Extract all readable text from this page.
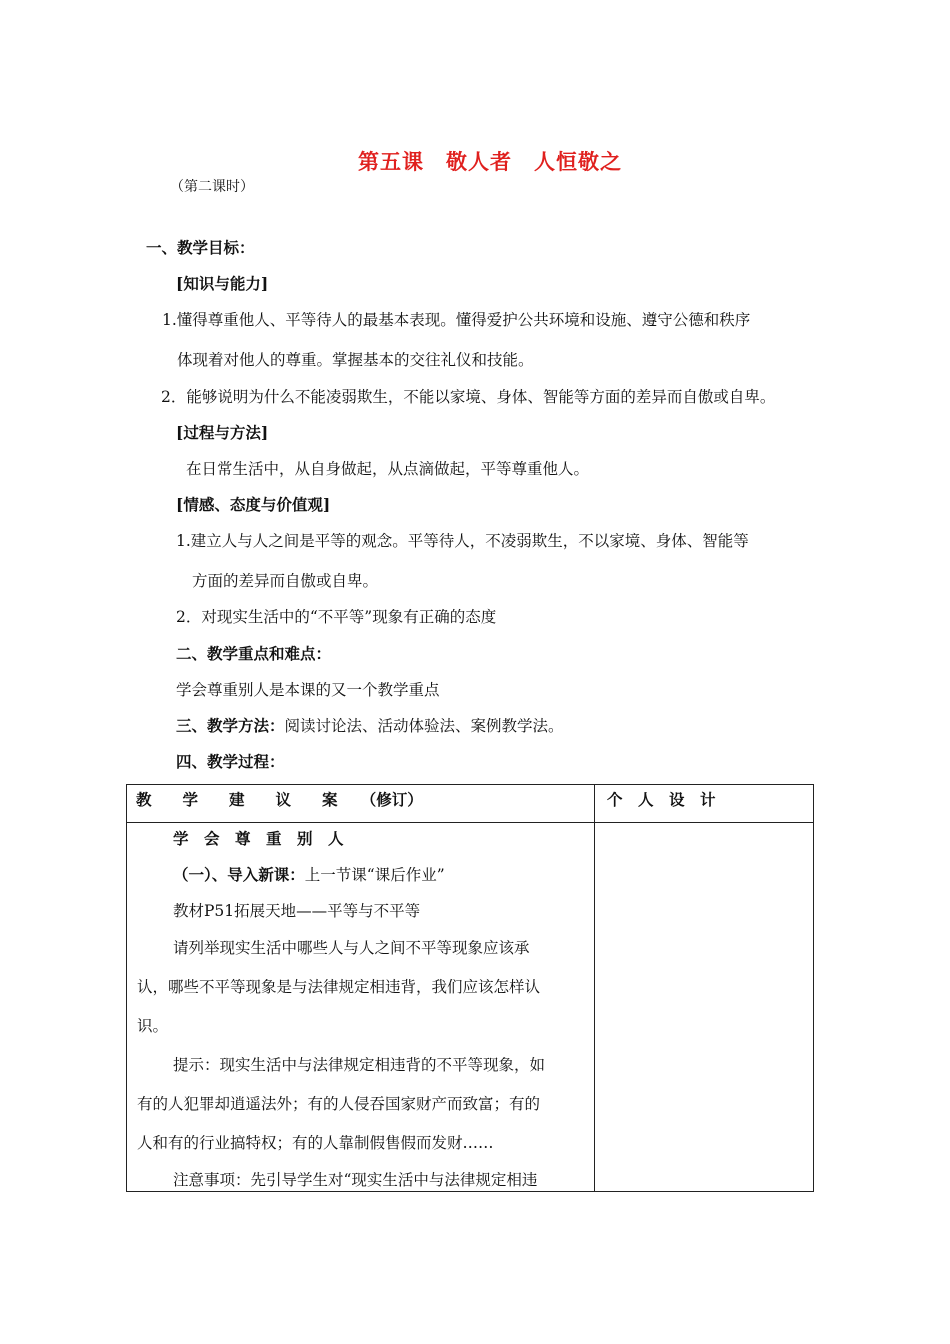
第五课　敬人者　人恒敬之
（第二课时）
一、教学目标：
[知识与能力]
1.懂得尊重他人、平等待人的最基本表现。懂得爱护公共环境和设施、遵守公德和秩序
体现着对他人的尊重。掌握基本的交往礼仪和技能。
2．能够说明为什么不能凌弱欺生，不能以家境、身体、智能等方面的差异而自傲或自卑。
[过程与方法]
在日常生活中，从自身做起，从点滴做起，平等尊重他人。
[情感、态度与价值观]
1.建立人与人之间是平等的观念。平等待人，不凌弱欺生，不以家境、身体、智能等
方面的差异而自傲或自卑。
2．对现实生活中的“不平等”现象有正确的态度
二、教学重点和难点：
学会尊重别人是本课的又一个教学重点
三、教学方法：阅读讨论法、活动体验法、案例教学法。
四、教学过程：
教　　学　　建　　议　　案　　（修订）	个　人　设　计
学　会　尊　重　别　人
（一）、导入新课：上一节课“课后作业”
教材P51拓展天地——平等与不平等
请列举现实生活中哪些人与人之间不平等现象应该承
认，哪些不平等现象是与法律规定相违背，我们应该怎样认
识。
提示：现实生活中与法律规定相违背的不平等现象，如
有的人犯罪却逍遥法外；有的人侵吞国家财产而致富；有的
人和有的行业搞特权；有的人靠制假售假而发财……
注意事项：先引导学生对“现实生活中与法律规定相违
